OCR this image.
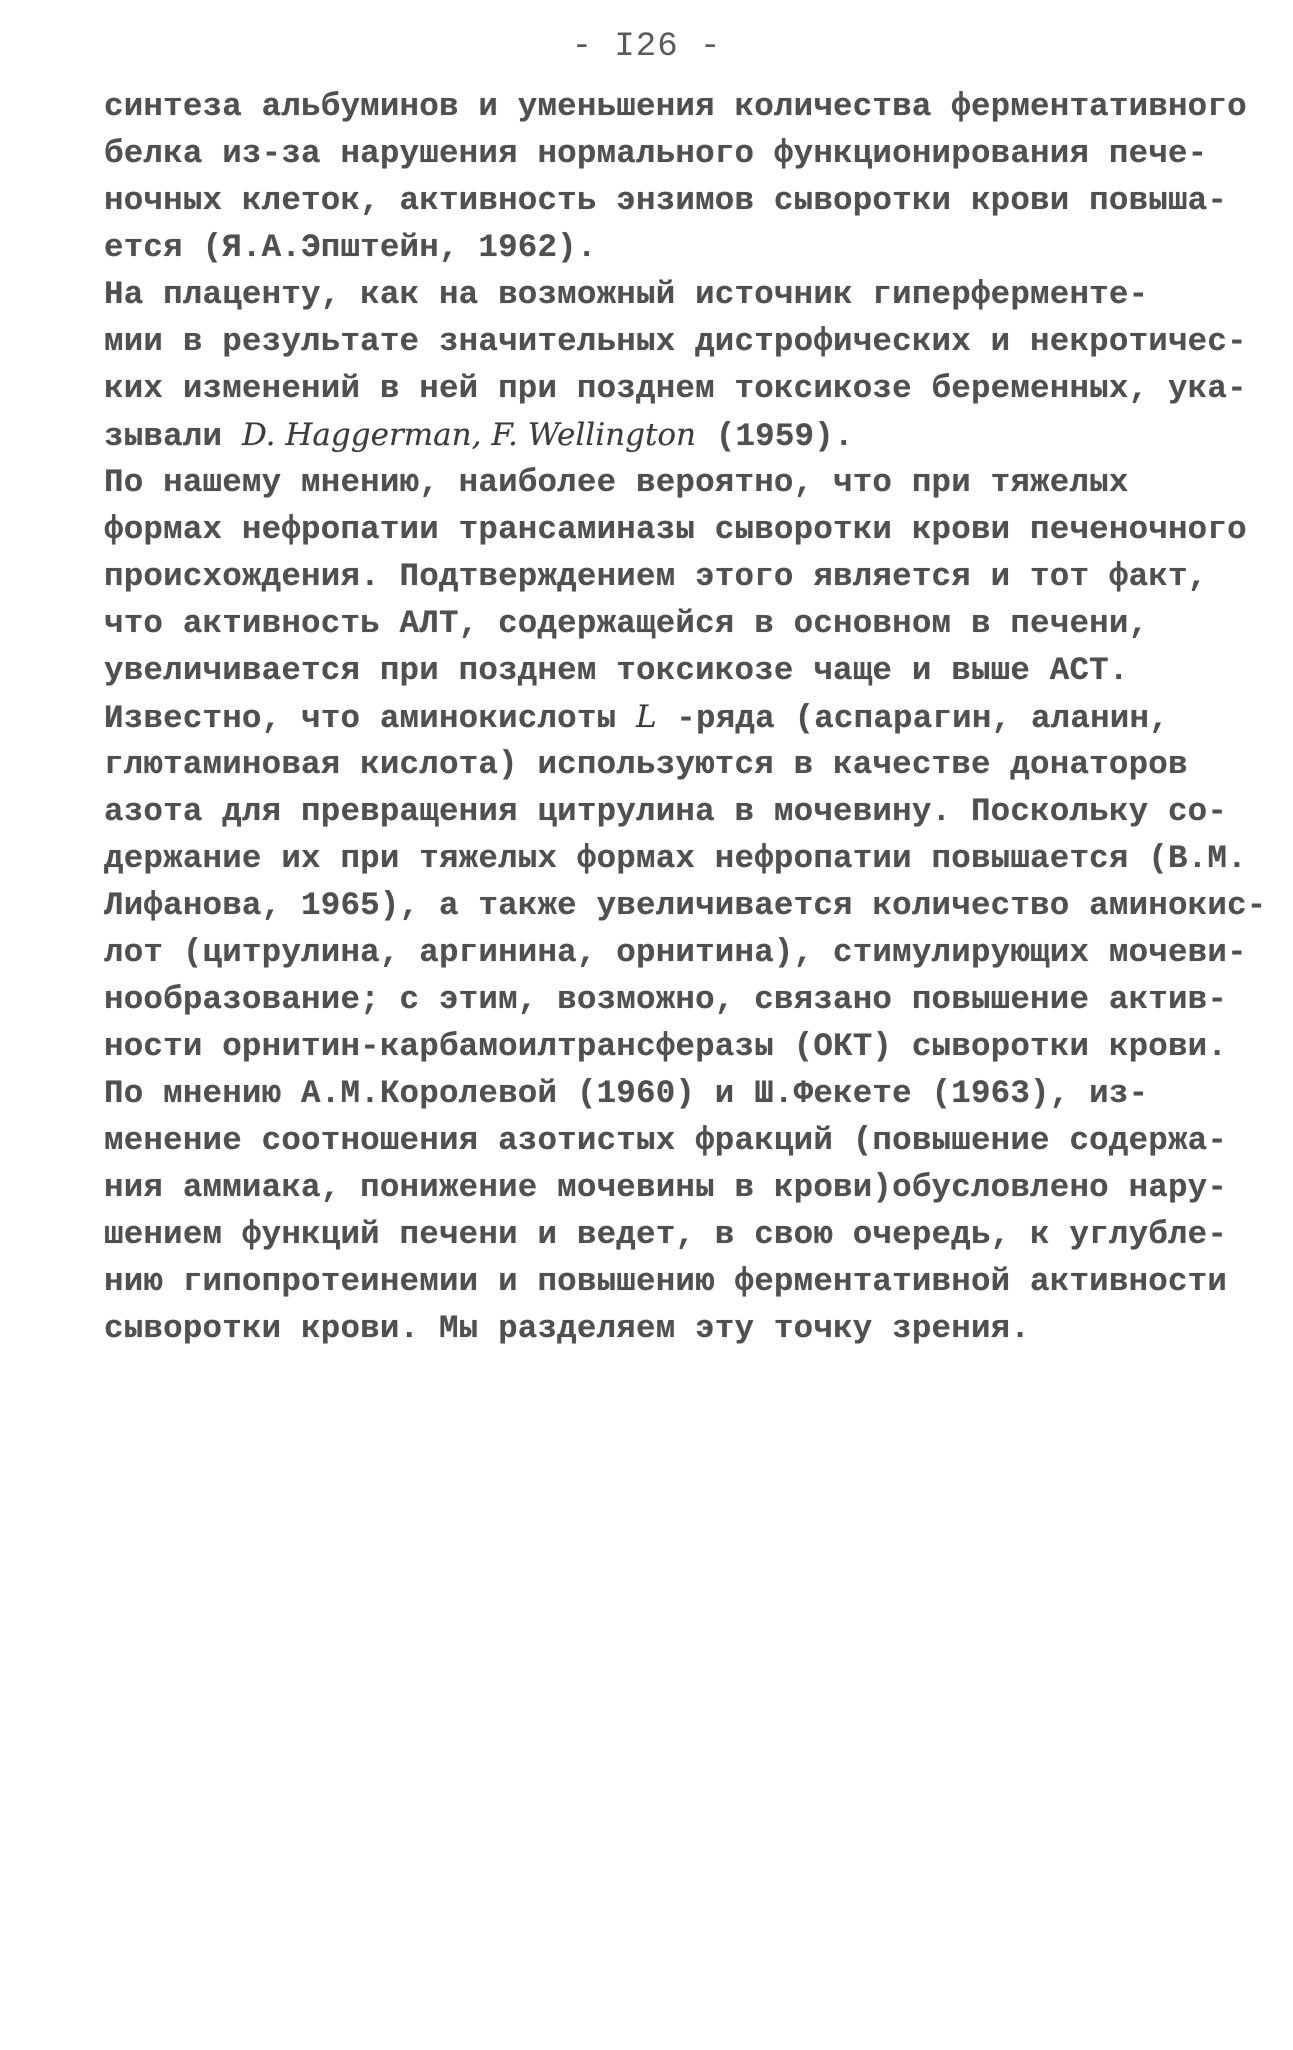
- I26 -
синтеза альбуминов и уменьшения количества ферментативного
белка из-за нарушения нормального функционирования пече-
ночных клеток, активность энзимов сыворотки крови повыша-
ется (Я.А.Эпштейн, 1962).
На плаценту, как на возможный источник гиперферменте-
мии в результате значительных дистрофических и некротичес-
ких изменений в ней при позднем токсикозе беременных, ука-
зывали D. Haggerman, F. Wellington (1959).
По нашему мнению, наиболее вероятно, что при тяжелых
формах нефропатии трансаминазы сыворотки крови печеночного
происхождения. Подтверждением этого является и тот факт,
что активность АЛТ, содержащейся в основном в печени,
увеличивается при позднем токсикозе чаще и выше АСТ.
Известно, что аминокислоты L -ряда (аспарагин, аланин,
глютаминовая кислота) используются в качестве донаторов
азота для превращения цитрулина в мочевину. Поскольку со-
держание их при тяжелых формах нефропатии повышается (В.М.
Лифанова, 1965), а также увеличивается количество аминокис-
лот (цитрулина, аргинина, орнитина), стимулирующих мочеви-
нообразование; с этим, возможно, связано повышение актив-
ности орнитин-карбамоилтрансферазы (ОКТ) сыворотки крови.
По мнению А.М.Королевой (1960) и Ш.Фекете (1963), из-
менение соотношения азотистых фракций (повышение содержа-
ния аммиака, понижение мочевины в крови)обусловлено нару-
шением функций печени и ведет, в свою очередь, к углубле-
нию гипопротеинемии и повышению ферментативной активности
сыворотки крови. Мы разделяем эту точку зрения.
